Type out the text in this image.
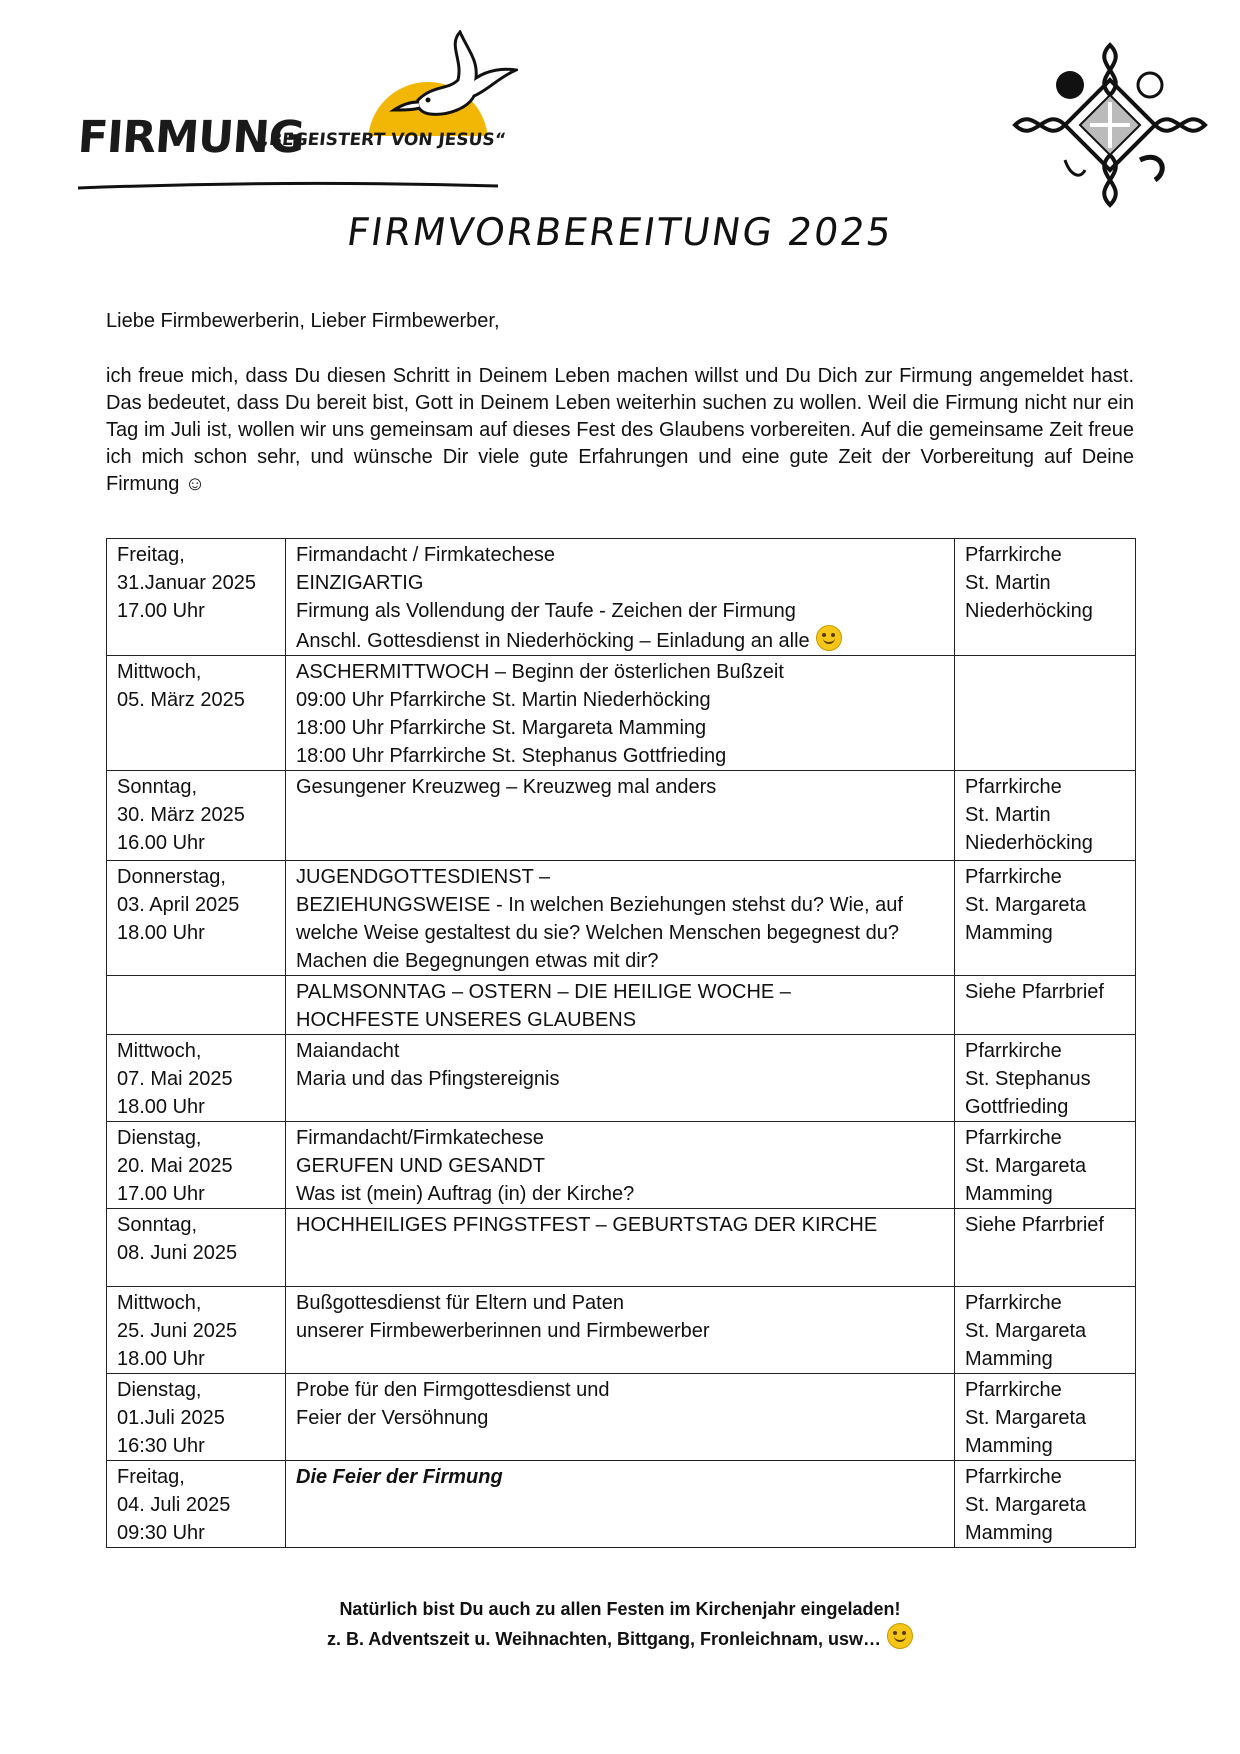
FIRMUNG
„BEGEISTERT VON JESUS“
FIRMVORBEREITUNG 2025

Liebe Firmbewerberin, Lieber Firmbewerber,

ich freue mich, dass Du diesen Schritt in Deinem Leben machen willst und Du Dich zur Firmung angemeldet hast. Das bedeutet, dass Du bereit bist, Gott in Deinem Leben weiterhin suchen zu wollen. Weil die Firmung nicht nur ein Tag im Juli ist, wollen wir uns gemeinsam auf dieses Fest des Glaubens vorbereiten. Auf die gemeinsame Zeit freue ich mich schon sehr, und wünsche Dir viele gute Erfahrungen und eine gute Zeit der Vorbereitung auf Deine Firmung ☺

Freitag,
31.Januar 2025
17.00 Uhr	Firmandacht / Firmkatechese
EINZIGARTIG
Firmung als Vollendung der Taufe - Zeichen der Firmung
Anschl. Gottesdienst in Niederhöcking – Einladung an alle	Pfarrkirche
St. Martin
Niederhöcking

Mittwoch,
05. März 2025	ASCHERMITTWOCH – Beginn der österlichen Bußzeit
09:00 Uhr Pfarrkirche St. Martin Niederhöcking
18:00 Uhr Pfarrkirche St. Margareta Mamming
18:00 Uhr Pfarrkirche St. Stephanus Gottfrieding	

Sonntag,
30. März 2025
16.00 Uhr	Gesungener Kreuzweg – Kreuzweg mal anders	Pfarrkirche
St. Martin
Niederhöcking

Donnerstag,
03. April 2025
18.00 Uhr	JUGENDGOTTESDIENST –
BEZIEHUNGSWEISE - In welchen Beziehungen stehst du? Wie, auf
welche Weise gestaltest du sie? Welchen Menschen begegnest du?
Machen die Begegnungen etwas mit dir?	Pfarrkirche
St. Margareta
Mamming

	PALMSONNTAG – OSTERN – DIE HEILIGE WOCHE –
HOCHFESTE UNSERES GLAUBENS	Siehe Pfarrbrief

Mittwoch,
07. Mai 2025
18.00 Uhr	Maiandacht
Maria und das Pfingstereignis	Pfarrkirche
St. Stephanus
Gottfrieding

Dienstag,
20. Mai 2025
17.00 Uhr	Firmandacht/Firmkatechese
GERUFEN UND GESANDT
Was ist (mein) Auftrag (in) der Kirche?	Pfarrkirche
St. Margareta
Mamming

Sonntag,
08. Juni 2025	HOCHHEILIGES PFINGSTFEST – GEBURTSTAG DER KIRCHE	Siehe Pfarrbrief

Mittwoch,
25. Juni 2025
18.00 Uhr	Bußgottesdienst für Eltern und Paten
unserer Firmbewerberinnen und Firmbewerber	Pfarrkirche
St. Margareta
Mamming

Dienstag,
01.Juli 2025
16:30 Uhr	Probe für den Firmgottesdienst und
Feier der Versöhnung	Pfarrkirche
St. Margareta
Mamming

Freitag,
04. Juli 2025
09:30 Uhr	Die Feier der Firmung	Pfarrkirche
St. Margareta
Mamming

Natürlich bist Du auch zu allen Festen im Kirchenjahr eingeladen!

z. B. Adventszeit u. Weihnachten, Bittgang, Fronleichnam, usw…
